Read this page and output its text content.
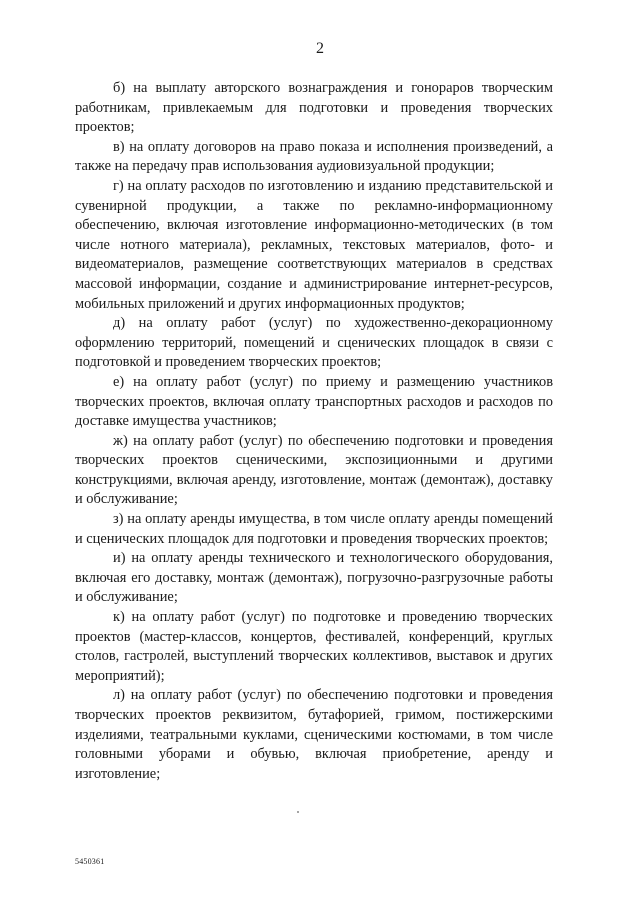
2

б) на выплату авторского вознаграждения и гонораров творческим работникам, привлекаемым для подготовки и проведения творческих проектов;

в) на оплату договоров на право показа и исполнения произведений, а также на передачу прав использования аудиовизуальной продукции;

г) на оплату расходов по изготовлению и изданию представительской и сувенирной продукции, а также по рекламно-информационному обеспечению, включая изготовление информационно-методических (в том числе нотного материала), рекламных, текстовых материалов, фото- и видеоматериалов, размещение соответствующих материалов в средствах массовой информации, создание и администрирование интернет-ресурсов, мобильных приложений и других информационных продуктов;

д) на оплату работ (услуг) по художественно-декорационному оформлению территорий, помещений и сценических площадок в связи с подготовкой и проведением творческих проектов;

е) на оплату работ (услуг) по приему и размещению участников творческих проектов, включая оплату транспортных расходов и расходов по доставке имущества участников;

ж) на оплату работ (услуг) по обеспечению подготовки и проведения творческих проектов сценическими, экспозиционными и другими конструкциями, включая аренду, изготовление, монтаж (демонтаж), доставку и обслуживание;

з) на оплату аренды имущества, в том числе оплату аренды помещений и сценических площадок для подготовки и проведения творческих проектов;

и) на оплату аренды технического и технологического оборудования, включая его доставку, монтаж (демонтаж), погрузочно-разгрузочные работы и обслуживание;

к) на оплату работ (услуг) по подготовке и проведению творческих проектов (мастер-классов, концертов, фестивалей, конференций, круглых столов, гастролей, выступлений творческих коллективов, выставок и других мероприятий);

л) на оплату работ (услуг) по обеспечению подготовки и проведения творческих проектов реквизитом, бутафорией, гримом, постижерскими изделиями, театральными куклами, сценическими костюмами, в том числе головными уборами и обувью, включая приобретение, аренду и изготовление;

5450361
